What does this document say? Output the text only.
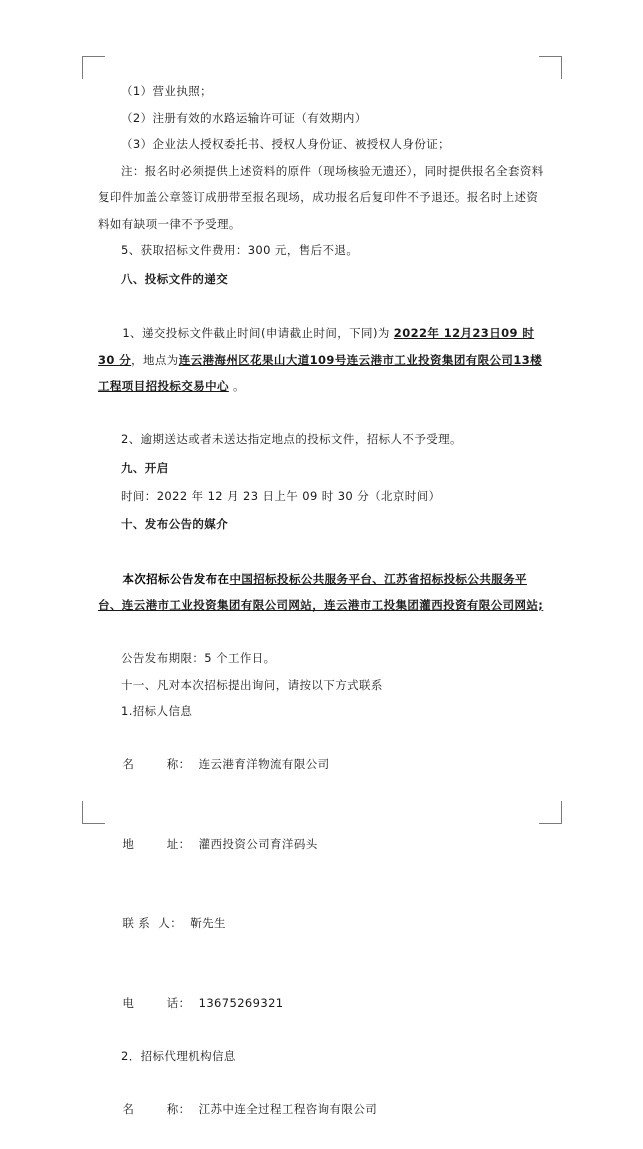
（1）营业执照；

（2）注册有效的水路运输许可证（有效期内）

（3）企业法人授权委托书、授权人身份证、被授权人身份证；

注：报名时必须提供上述资料的原件（现场核验无遗还），同时提供报名全套资料复印件加盖公章签订成册带至报名现场，成功报名后复印件不予退还。报名时上述资料如有缺项一律不予受理。

5、获取招标文件费用：300 元，售后不退。

八、投标文件的递交

1、递交投标文件截止时间(申请截止时间，下同)为 2022年 12月23日09 时30 分，地点为连云港海州区花果山大道109号连云港市工业投资集团有限公司13楼工程项目招投标交易中心 。

2、逾期送达或者未送达指定地点的投标文件，招标人不予受理。

九、开启

时间：2022 年 12 月 23 日上午 09 时 30 分（北京时间）

十、发布公告的媒介

本次招标公告发布在中国招标投标公共服务平台、江苏省招标投标公共服务平台、连云港市工业投资集团有限公司网站，连云港市工投集团灌西投资有限公司网站;

公告发布期限：5 个工作日。

十一、凡对本次招标提出询问，请按以下方式联系

1.招标人信息

名        称： 连云港育洋物流有限公司

地        址： 灌西投资公司育洋码头

联 系  人： 靳先生

电        话： 13675269321

2．招标代理机构信息

名        称： 江苏中连全过程工程咨询有限公司
